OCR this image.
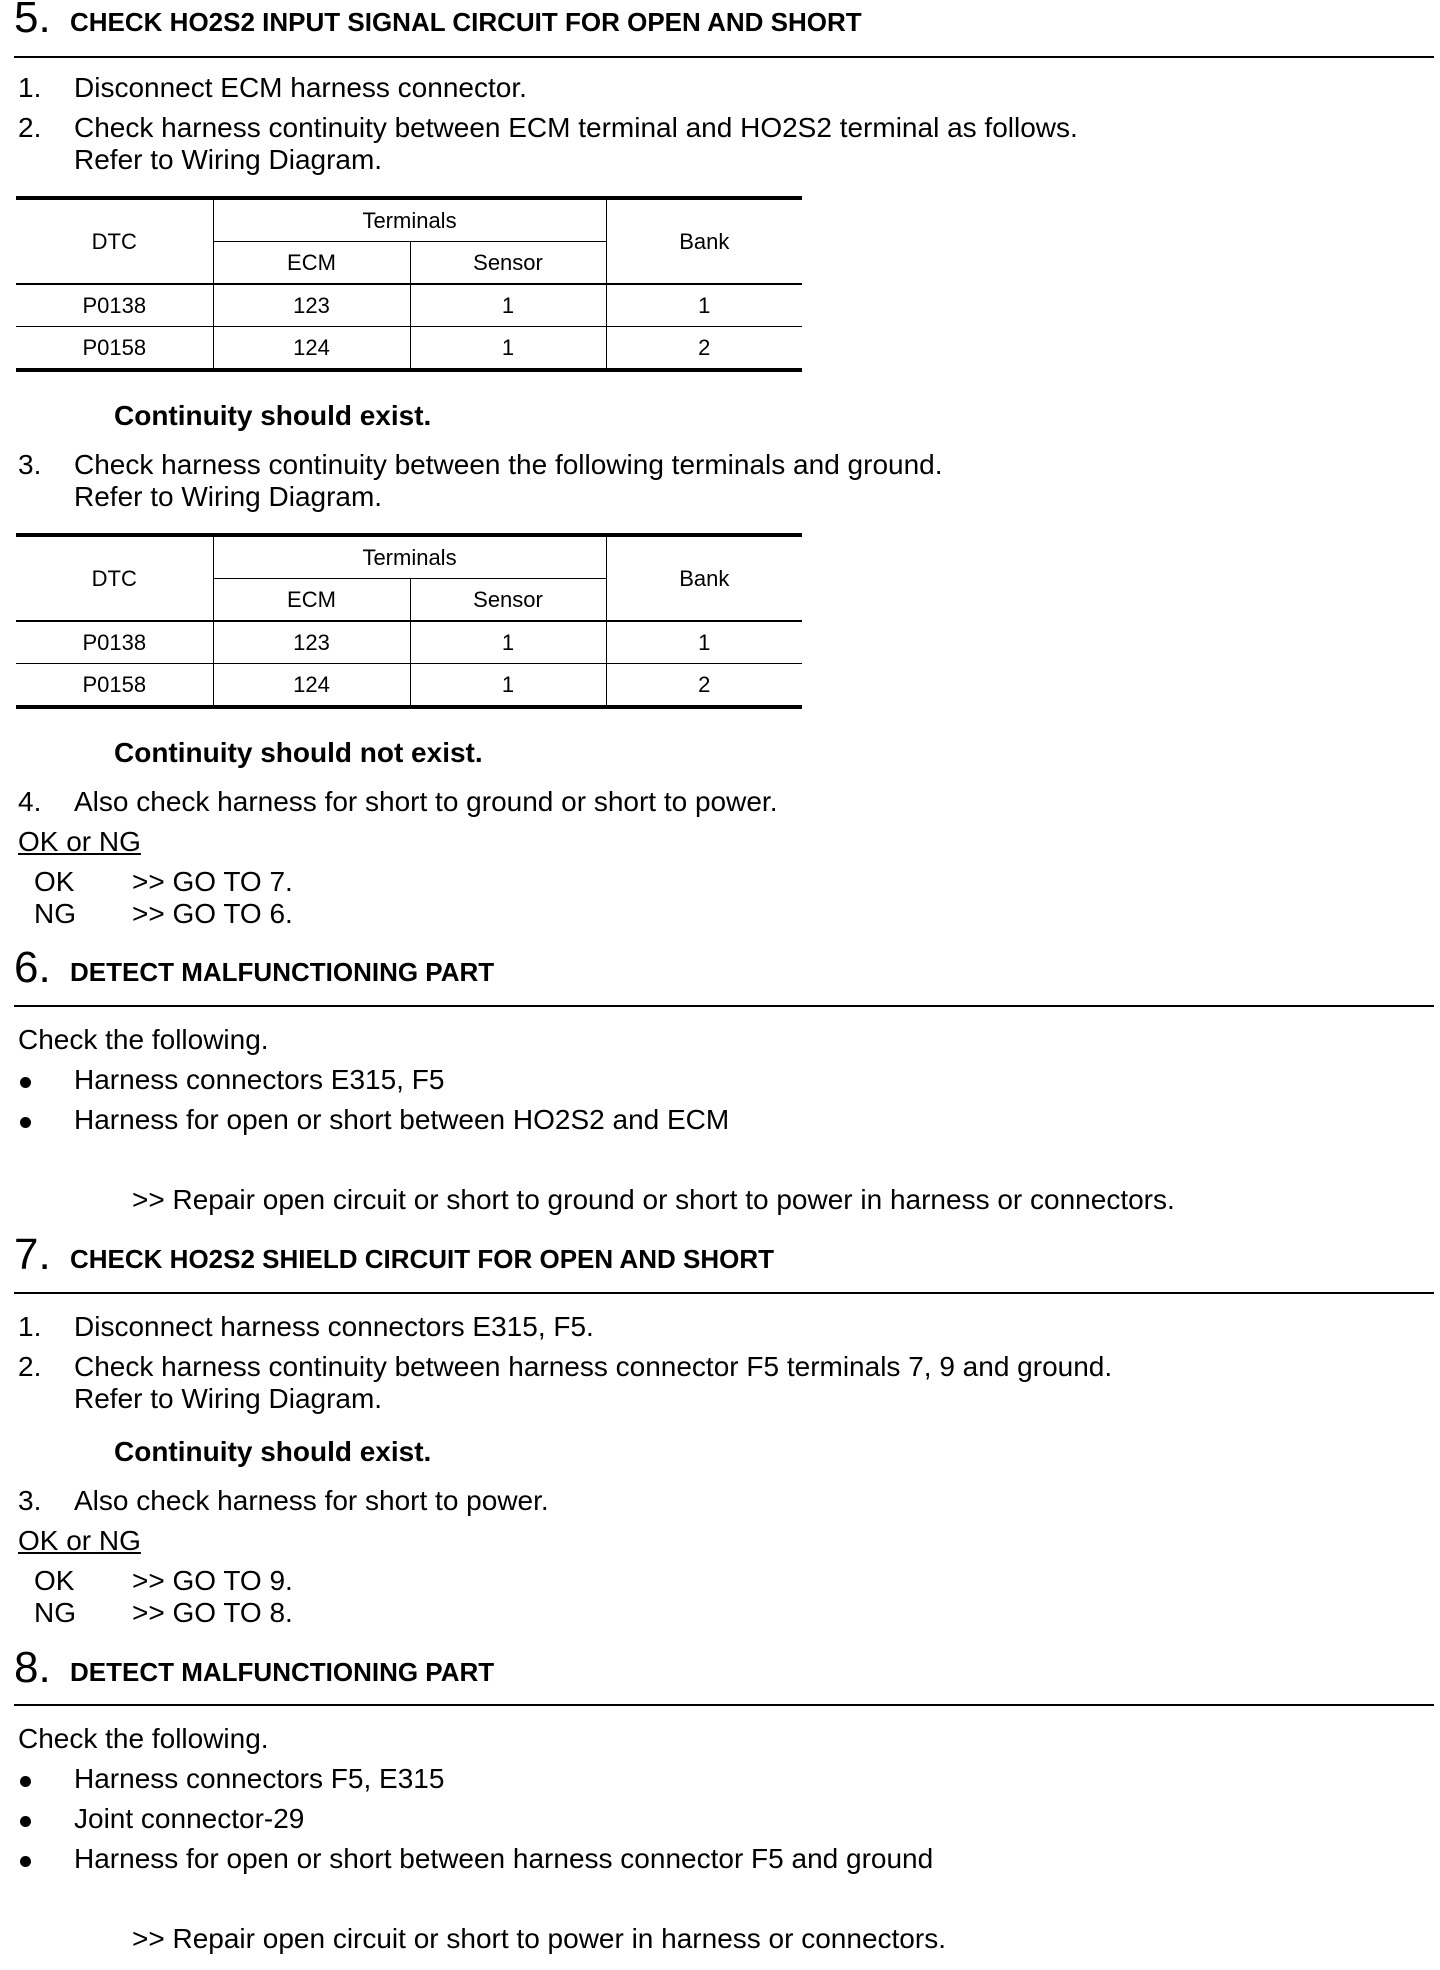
5. CHECK HO2S2 INPUT SIGNAL CIRCUIT FOR OPEN AND SHORT
1. Disconnect ECM harness connector.
2. Check harness continuity between ECM terminal and HO2S2 terminal as follows.
Refer to Wiring Diagram.
DTC	Terminals		Bank
	ECM	Sensor	
P0138	123	1	1
P0158	124	1	2
Continuity should exist.
3. Check harness continuity between the following terminals and ground.
Refer to Wiring Diagram.
DTC	Terminals		Bank
	ECM	Sensor	
P0138	123	1	1
P0158	124	1	2
Continuity should not exist.
4. Also check harness for short to ground or short to power.
OK or NG
OK >> GO TO 7.
NG >> GO TO 6.
6. DETECT MALFUNCTIONING PART
Check the following.
Harness connectors E315, F5
Harness for open or short between HO2S2 and ECM
>> Repair open circuit or short to ground or short to power in harness or connectors.
7. CHECK HO2S2 SHIELD CIRCUIT FOR OPEN AND SHORT
1. Disconnect harness connectors E315, F5.
2. Check harness continuity between harness connector F5 terminals 7, 9 and ground.
Refer to Wiring Diagram.
Continuity should exist.
3. Also check harness for short to power.
OK or NG
OK >> GO TO 9.
NG >> GO TO 8.
8. DETECT MALFUNCTIONING PART
Check the following.
Harness connectors F5, E315
Joint connector-29
Harness for open or short between harness connector F5 and ground
>> Repair open circuit or short to power in harness or connectors.
